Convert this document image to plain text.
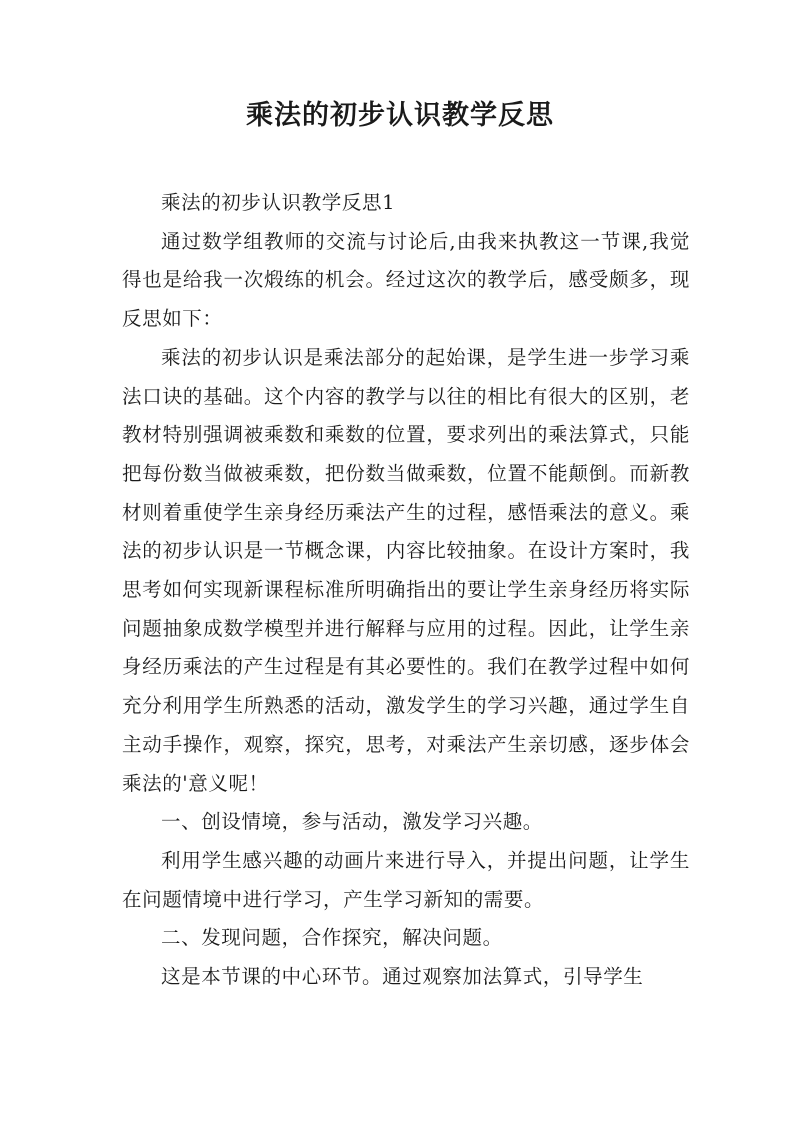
乘法的初步认识教学反思

乘法的初步认识教学反思1

通过数学组教师的交流与讨论后,由我来执教这一节课,我觉得也是给我一次煅练的机会。经过这次的教学后，感受颇多，现反思如下：

乘法的初步认识是乘法部分的起始课，是学生进一步学习乘法口诀的基础。这个内容的教学与以往的相比有很大的区别，老教材特别强调被乘数和乘数的位置，要求列出的乘法算式，只能把每份数当做被乘数，把份数当做乘数，位置不能颠倒。而新教材则着重使学生亲身经历乘法产生的过程，感悟乘法的意义。乘法的初步认识是一节概念课，内容比较抽象。在设计方案时，我思考如何实现新课程标准所明确指出的要让学生亲身经历将实际问题抽象成数学模型并进行解释与应用的过程。因此，让学生亲身经历乘法的产生过程是有其必要性的。我们在教学过程中如何充分利用学生所熟悉的活动，激发学生的学习兴趣，通过学生自主动手操作，观察，探究，思考，对乘法产生亲切感，逐步体会乘法的'意义呢！

一、创设情境，参与活动，激发学习兴趣。

利用学生感兴趣的动画片来进行导入，并提出问题，让学生在问题情境中进行学习，产生学习新知的需要。

二、发现问题，合作探究，解决问题。

这是本节课的中心环节。通过观察加法算式，引导学生
